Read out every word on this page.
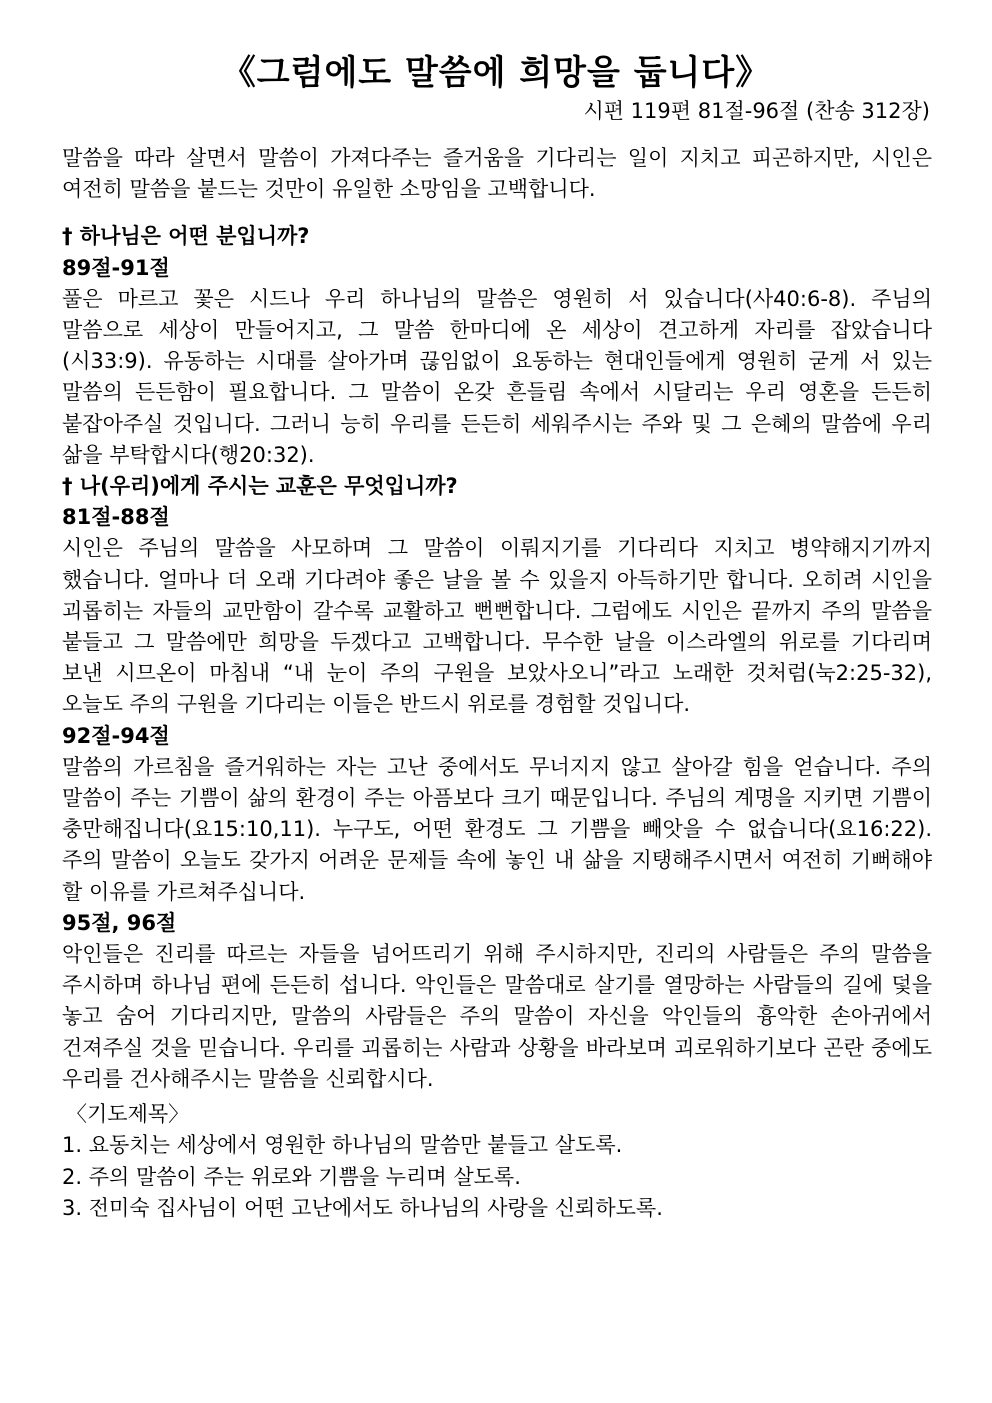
《그럼에도 말씀에 희망을 둡니다》
시편 119편 81절-96절 (찬송 312장)

말씀을 따라 살면서 말씀이 가져다주는 즐거움을 기다리는 일이 지치고 피곤하지만, 시인은 여전히 말씀을 붙드는 것만이 유일한 소망임을 고백합니다.

† 하나님은 어떤 분입니까?

89절-91절

풀은 마르고 꽃은 시드나 우리 하나님의 말씀은 영원히 서 있습니다(사40:6-8). 주님의 말씀으로 세상이 만들어지고, 그 말씀 한마디에 온 세상이 견고하게 자리를 잡았습니다(시33:9). 유동하는 시대를 살아가며 끊임없이 요동하는 현대인들에게 영원히 굳게 서 있는 말씀의 든든함이 필요합니다. 그 말씀이 온갖 흔들림 속에서 시달리는 우리 영혼을 든든히 붙잡아주실 것입니다. 그러니 능히 우리를 든든히 세워주시는 주와 및 그 은혜의 말씀에 우리 삶을 부탁합시다(행20:32).

† 나(우리)에게 주시는 교훈은 무엇입니까?

81절-88절

시인은 주님의 말씀을 사모하며 그 말씀이 이뤄지기를 기다리다 지치고 병약해지기까지 했습니다. 얼마나 더 오래 기다려야 좋은 날을 볼 수 있을지 아득하기만 합니다. 오히려 시인을 괴롭히는 자들의 교만함이 갈수록 교활하고 뻔뻔합니다. 그럼에도 시인은 끝까지 주의 말씀을 붙들고 그 말씀에만 희망을 두겠다고 고백합니다. 무수한 날을 이스라엘의 위로를 기다리며 보낸 시므온이 마침내 “내 눈이 주의 구원을 보았사오니”라고 노래한 것처럼(눅2:25-32), 오늘도 주의 구원을 기다리는 이들은 반드시 위로를 경험할 것입니다.

92절-94절

말씀의 가르침을 즐거워하는 자는 고난 중에서도 무너지지 않고 살아갈 힘을 얻습니다. 주의 말씀이 주는 기쁨이 삶의 환경이 주는 아픔보다 크기 때문입니다. 주님의 계명을 지키면 기쁨이 충만해집니다(요15:10,11). 누구도, 어떤 환경도 그 기쁨을 빼앗을 수 없습니다(요16:22). 주의 말씀이 오늘도 갖가지 어려운 문제들 속에 놓인 내 삶을 지탱해주시면서 여전히 기뻐해야 할 이유를 가르쳐주십니다.

95절, 96절

악인들은 진리를 따르는 자들을 넘어뜨리기 위해 주시하지만, 진리의 사람들은 주의 말씀을 주시하며 하나님 편에 든든히 섭니다. 악인들은 말씀대로 살기를 열망하는 사람들의 길에 덫을 놓고 숨어 기다리지만, 말씀의 사람들은 주의 말씀이 자신을 악인들의 흉악한 손아귀에서 건져주실 것을 믿습니다. 우리를 괴롭히는 사람과 상황을 바라보며 괴로워하기보다 곤란 중에도 우리를 건사해주시는 말씀을 신뢰합시다.

〈기도제목〉

1. 요동치는 세상에서 영원한 하나님의 말씀만 붙들고 살도록.
2. 주의 말씀이 주는 위로와 기쁨을 누리며 살도록.
3. 전미숙 집사님이 어떤 고난에서도 하나님의 사랑을 신뢰하도록.
